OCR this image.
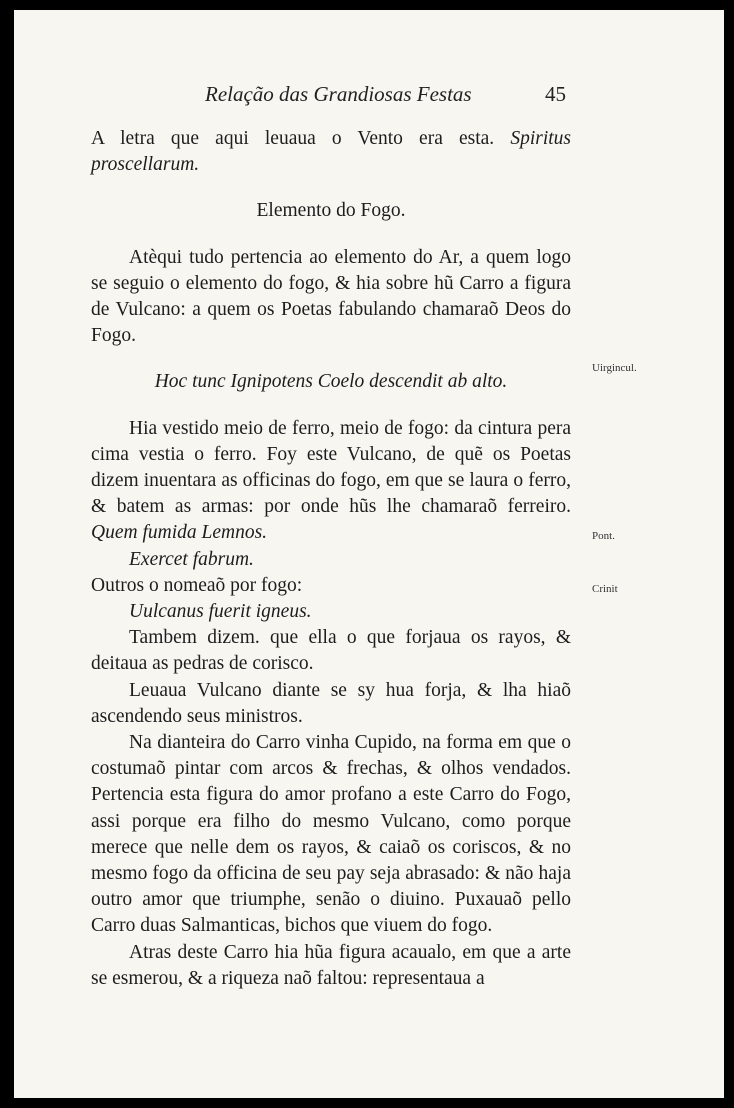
Relação das Grandiosas Festas	45

A letra que aqui leuaua o Vento era esta. Spiritus proscellarum.

Elemento do Fogo.

Atèqui tudo pertencia ao elemento do Ar, a quem logo se seguio o elemento do fogo, & hia sobre hũ Carro a figura de Vulcano: a quem os Poetas fabulando chamaraõ Deos do Fogo.

Hoc tunc Ignipotens Coelo descendit ab alto.

Hia vestido meio de ferro, meio de fogo: da cintura pera cima vestia o ferro. Foy este Vulcano, de quẽ os Poetas dizem inuentara as officinas do fogo, em que se laura o ferro, & batem as armas: por onde hũs lhe chamaraõ ferreiro. Quem fumida Lemnos.

Exercet fabrum.

Outros o nomeaõ por fogo:

Uulcanus fuerit igneus.

Tambem dizem. que ella o que forjaua os rayos, & deitaua as pedras de corisco.

Leuaua Vulcano diante se sy hua forja, & lha hiaõ ascendendo seus ministros.

Na dianteira do Carro vinha Cupido, na forma em que o costumaõ pintar com arcos & frechas, & olhos vendados. Pertencia esta figura do amor profano a este Carro do Fogo, assi porque era filho do mesmo Vulcano, como porque merece que nelle dem os rayos, & caiaõ os coriscos, & no mesmo fogo da officina de seu pay seja abrasado: & não haja outro amor que triumphe, senão o diuino. Puxauaõ pello Carro duas Salmanticas, bichos que viuem do fogo.

Atras deste Carro hia hũa figura acaualo, em que a arte se esmerou, & a riqueza naõ faltou: representaua a

Uirgincul.
Pont.
Crinit
